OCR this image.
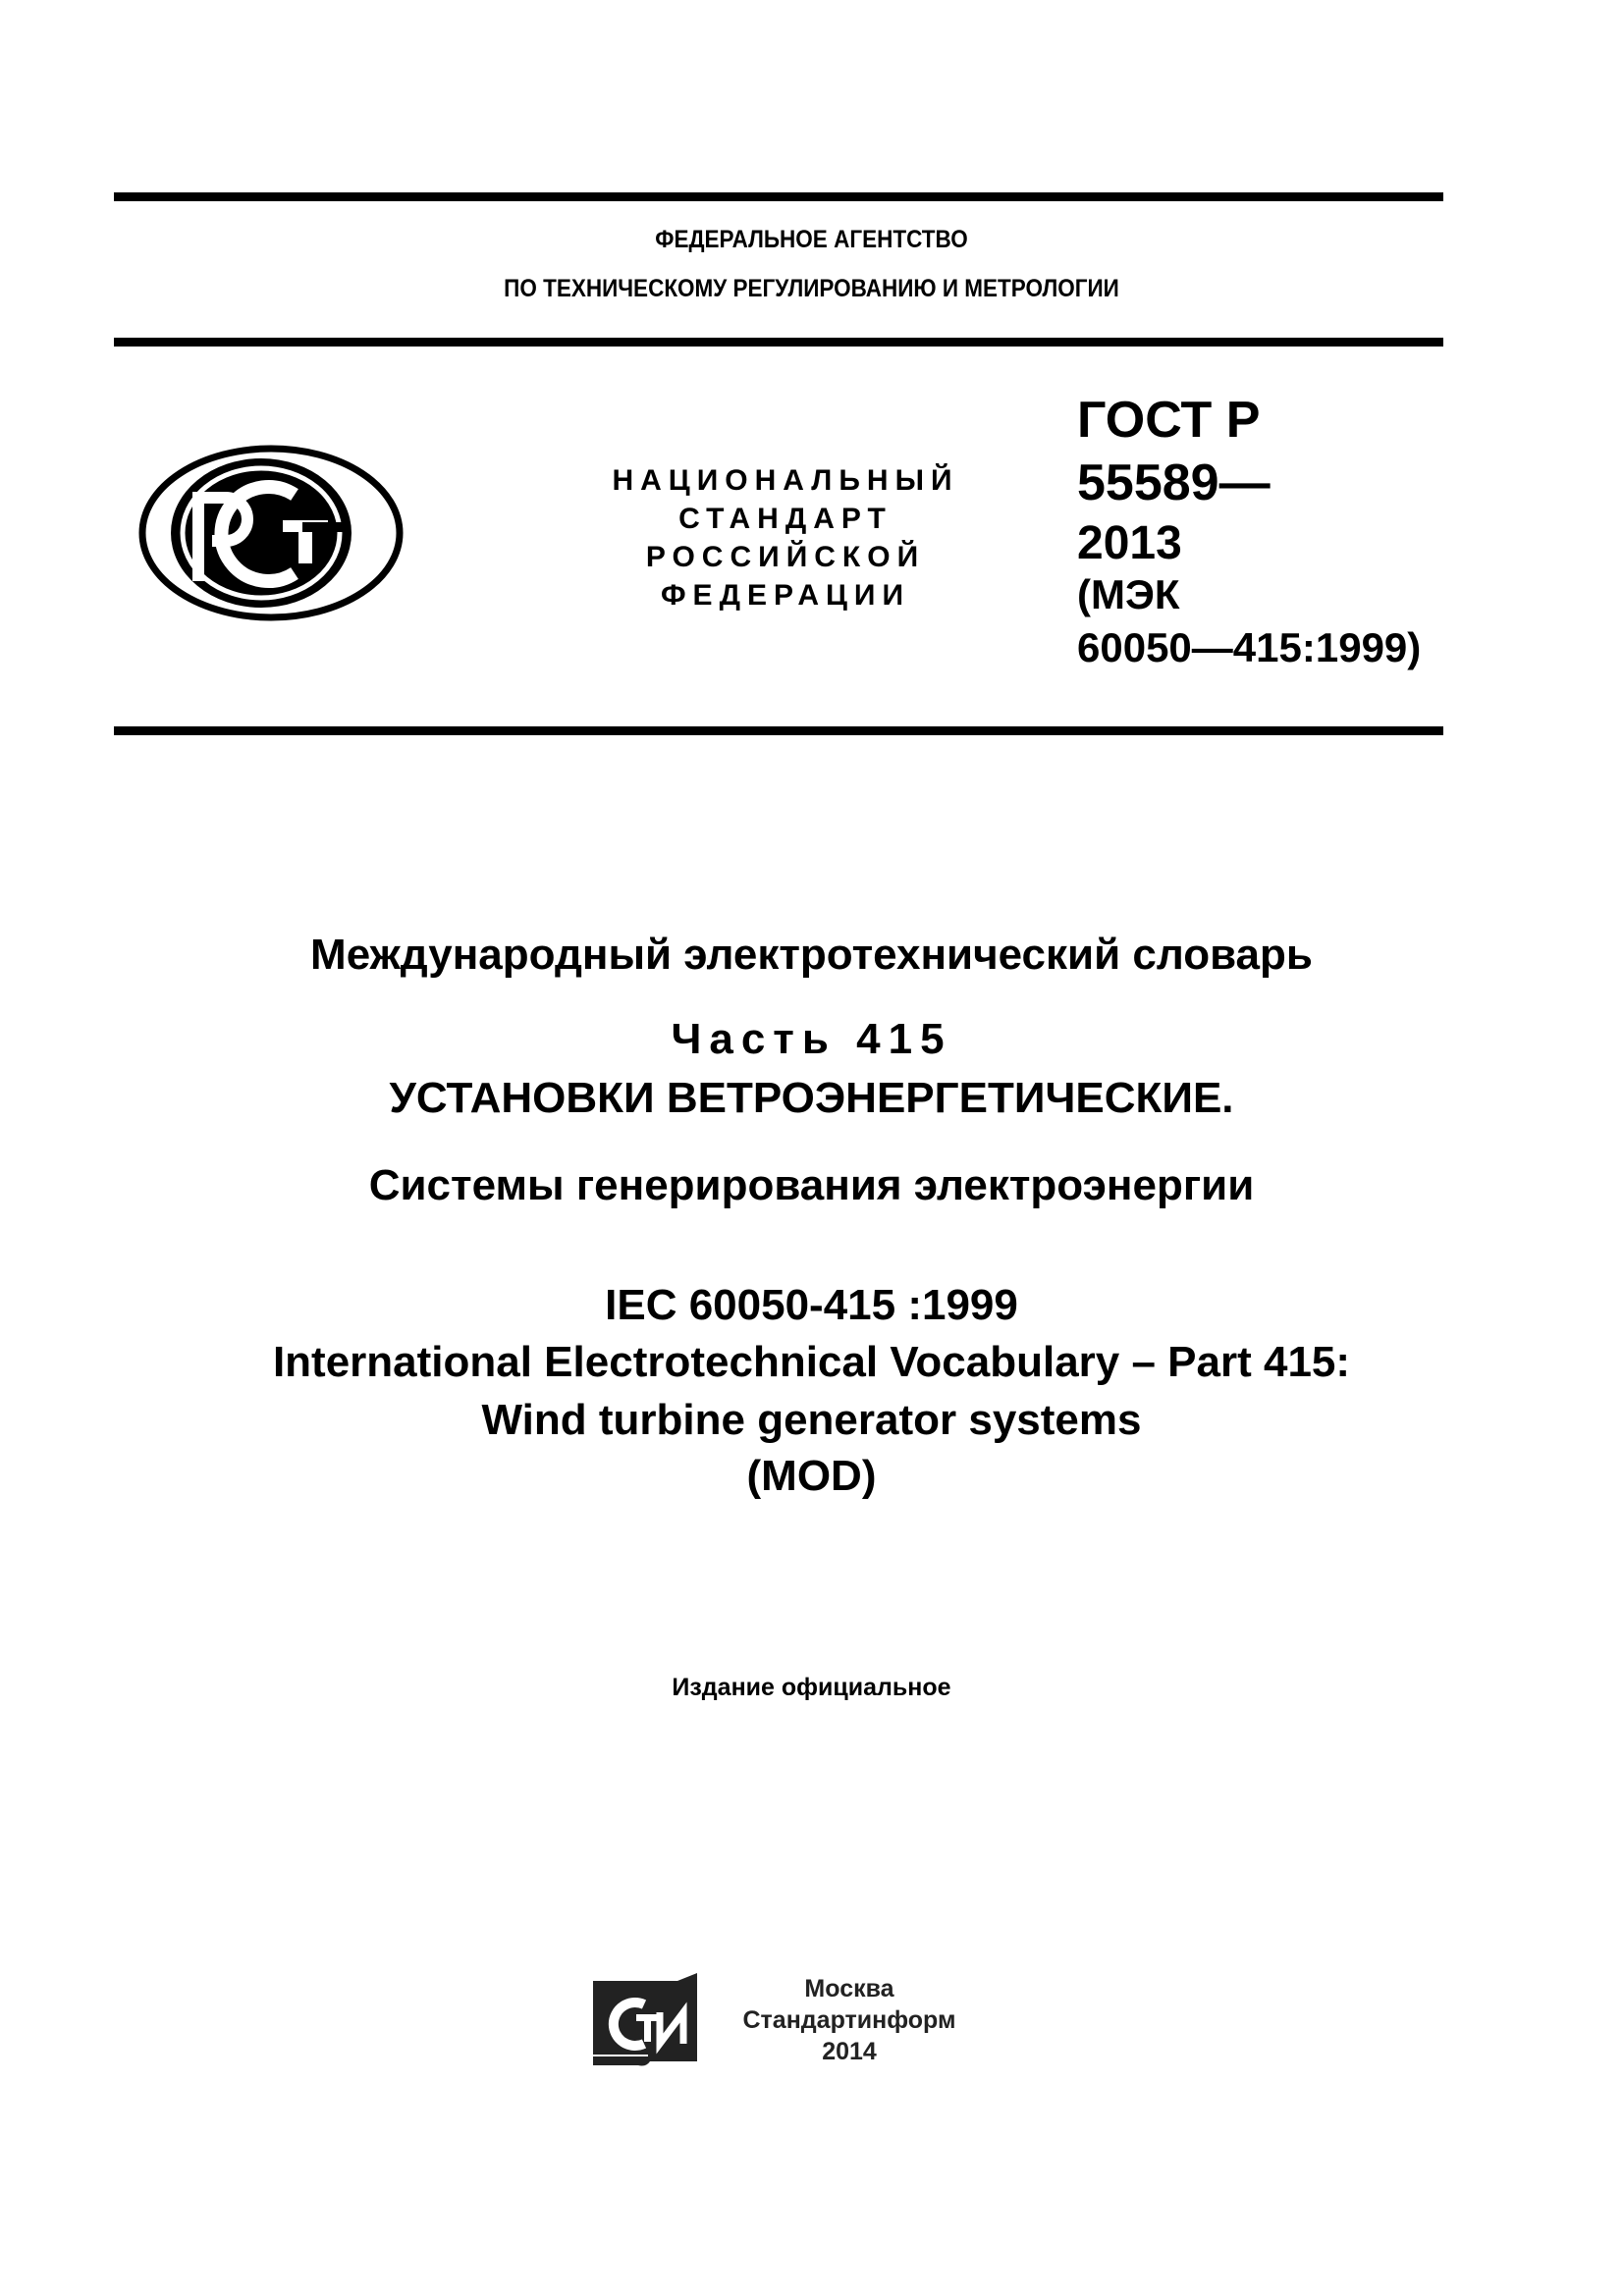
ФЕДЕРАЛЬНОЕ АГЕНТСТВО
ПО ТЕХНИЧЕСКОМУ РЕГУЛИРОВАНИЮ И МЕТРОЛОГИИ
НАЦИОНАЛЬНЫЙ
СТАНДАРТ
РОССИЙСКОЙ
ФЕДЕРАЦИИ
ГОСТ Р
55589—
2013
(МЭК
60050—415:1999)
Международный электротехнический словарь
Часть 415
УСТАНОВКИ ВЕТРОЭНЕРГЕТИЧЕСКИЕ.
Системы генерирования электроэнергии
IEC 60050-415 :1999
International Electrotechnical Vocabulary – Part 415:
Wind turbine generator systems
(MOD)
Издание официальное
Москва
Стандартинформ
2014
